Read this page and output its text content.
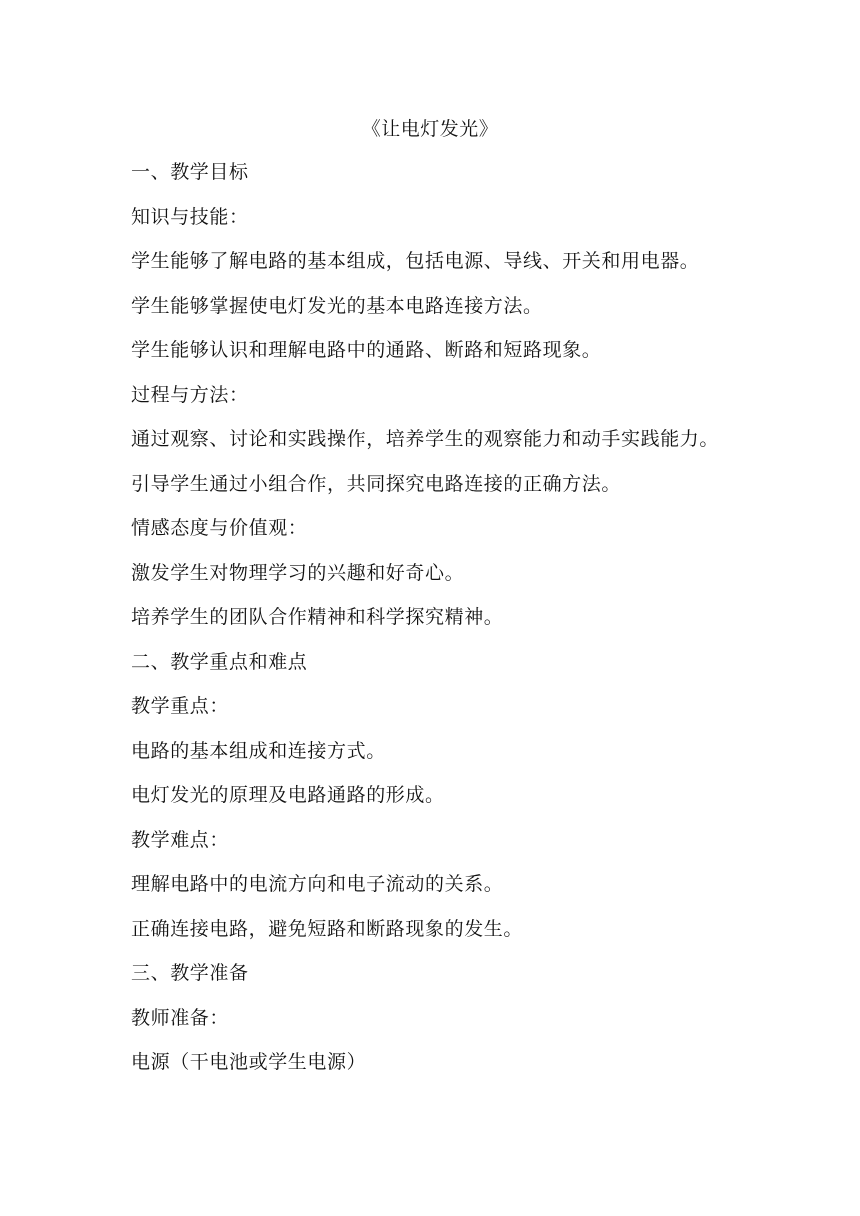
《让电灯发光》
一、教学目标
知识与技能：
学生能够了解电路的基本组成，包括电源、导线、开关和用电器。
学生能够掌握使电灯发光的基本电路连接方法。
学生能够认识和理解电路中的通路、断路和短路现象。
过程与方法：
通过观察、讨论和实践操作，培养学生的观察能力和动手实践能力。
引导学生通过小组合作，共同探究电路连接的正确方法。
情感态度与价值观：
激发学生对物理学习的兴趣和好奇心。
培养学生的团队合作精神和科学探究精神。
二、教学重点和难点
教学重点：
电路的基本组成和连接方式。
电灯发光的原理及电路通路的形成。
教学难点：
理解电路中的电流方向和电子流动的关系。
正确连接电路，避免短路和断路现象的发生。
三、教学准备
教师准备：
电源（干电池或学生电源）
